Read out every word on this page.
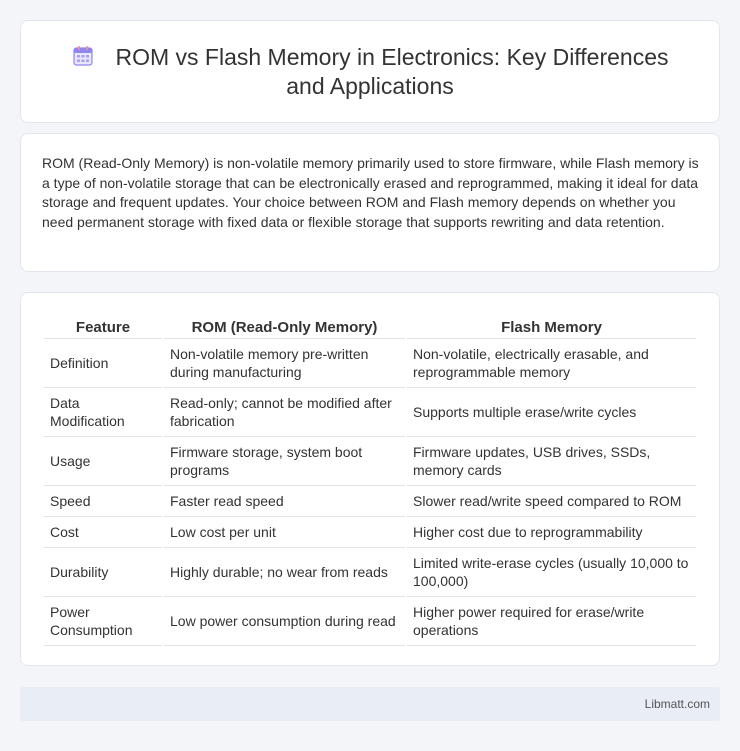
ROM vs Flash Memory in Electronics: Key Differences and Applications

ROM (Read-Only Memory) is non-volatile memory primarily used to store firmware, while Flash memory is a type of non-volatile storage that can be electronically erased and reprogrammed, making it ideal for data storage and frequent updates. Your choice between ROM and Flash memory depends on whether you need permanent storage with fixed data or flexible storage that supports rewriting and data retention.

Feature	ROM (Read-Only Memory)	Flash Memory
Definition	Non-volatile memory pre-written during manufacturing	Non-volatile, electrically erasable, and reprogrammable memory
Data Modification	Read-only; cannot be modified after fabrication	Supports multiple erase/write cycles
Usage	Firmware storage, system boot programs	Firmware updates, USB drives, SSDs, memory cards
Speed	Faster read speed	Slower read/write speed compared to ROM
Cost	Low cost per unit	Higher cost due to reprogrammability
Durability	Highly durable; no wear from reads	Limited write-erase cycles (usually 10,000 to 100,000)
Power Consumption	Low power consumption during read	Higher power required for erase/write operations
Libmatt.com
